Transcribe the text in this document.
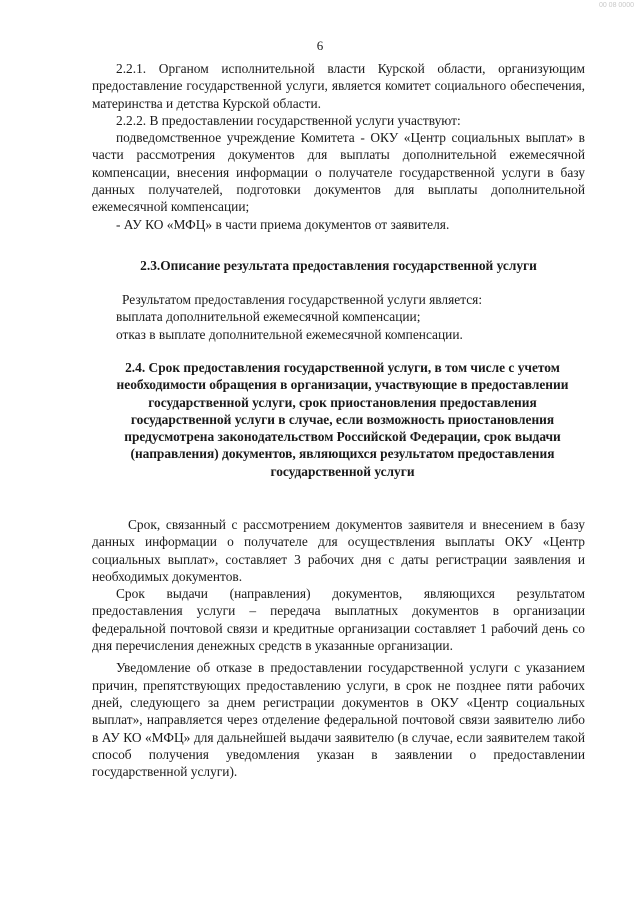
00 08 0000
6

2.2.1. Органом исполнительной власти Курской области, организующим предоставление государственной услуги, является комитет социального обеспечения, материнства и детства Курской области.

2.2.2. В предоставлении государственной услуги участвуют:

подведомственное учреждение Комитета - ОКУ «Центр социальных выплат» в части рассмотрения документов для выплаты дополнительной ежемесячной компенсации, внесения информации о получателе государственной услуги в базу данных получателей, подготовки документов для выплаты дополнительной ежемесячной компенсации;

- АУ КО «МФЦ» в части приема документов от заявителя.

2.3.Описание результата предоставления государственной услуги

Результатом предоставления государственной услуги является:

выплата дополнительной ежемесячной компенсации;

отказ в выплате дополнительной ежемесячной компенсации.

2.4. Срок предоставления государственной услуги, в том числе с учетом необходимости обращения в организации, участвующие в предоставлении государственной услуги, срок приостановления предоставления государственной услуги в случае, если возможность приостановления предусмотрена законодательством Российской Федерации, срок выдачи (направления) документов, являющихся результатом предоставления государственной услуги

Срок, связанный с рассмотрением документов заявителя и внесением в базу данных информации о получателе для осуществления выплаты ОКУ «Центр социальных выплат», составляет 3 рабочих дня с даты регистрации заявления и необходимых документов.

Срок выдачи (направления) документов, являющихся результатом предоставления услуги – передача выплатных документов в организации федеральной почтовой связи и кредитные организации составляет 1 рабочий день со дня перечисления денежных средств в указанные организации.

Уведомление об отказе в предоставлении государственной услуги с указанием причин, препятствующих предоставлению услуги, в срок не позднее пяти рабочих дней, следующего за днем регистрации документов в ОКУ «Центр социальных выплат», направляется через отделение федеральной почтовой связи заявителю либо в АУ КО «МФЦ» для дальнейшей выдачи заявителю (в случае, если заявителем такой способ получения уведомления указан в заявлении о предоставлении государственной услуги).
